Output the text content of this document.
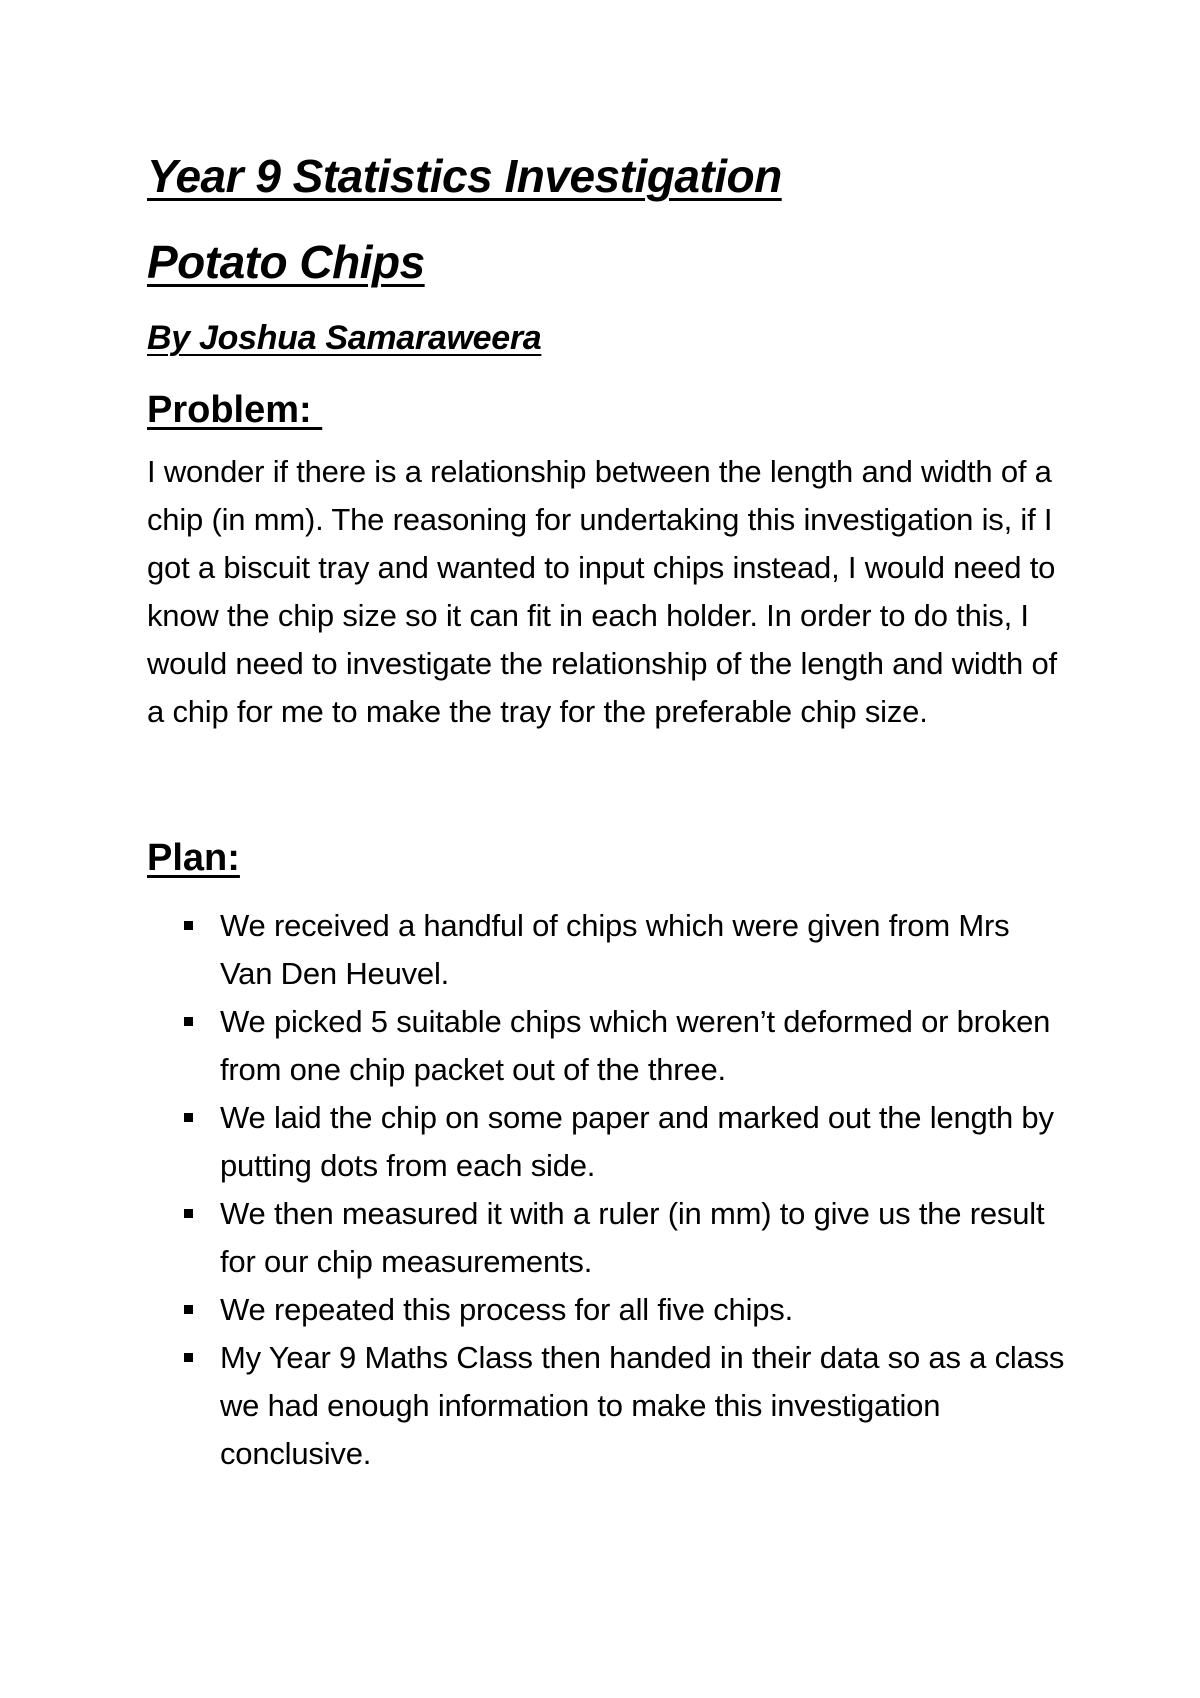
Year 9 Statistics Investigation
Potato Chips
By Joshua Samaraweera
Problem:

I wonder if there is a relationship between the length and width of a chip (in mm). The reasoning for undertaking this investigation is, if I got a biscuit tray and wanted to input chips instead, I would need to know the chip size so it can fit in each holder. In order to do this, I would need to investigate the relationship of the length and width of a chip for me to make the tray for the preferable chip size.

Plan:
We received a handful of chips which were given from Mrs Van Den Heuvel.
We picked 5 suitable chips which weren’t deformed or broken from one chip packet out of the three.
We laid the chip on some paper and marked out the length by putting dots from each side.
We then measured it with a ruler (in mm) to give us the result for our chip measurements.
We repeated this process for all five chips.
My Year 9 Maths Class then handed in their data so as a class we had enough information to make this investigation conclusive.
